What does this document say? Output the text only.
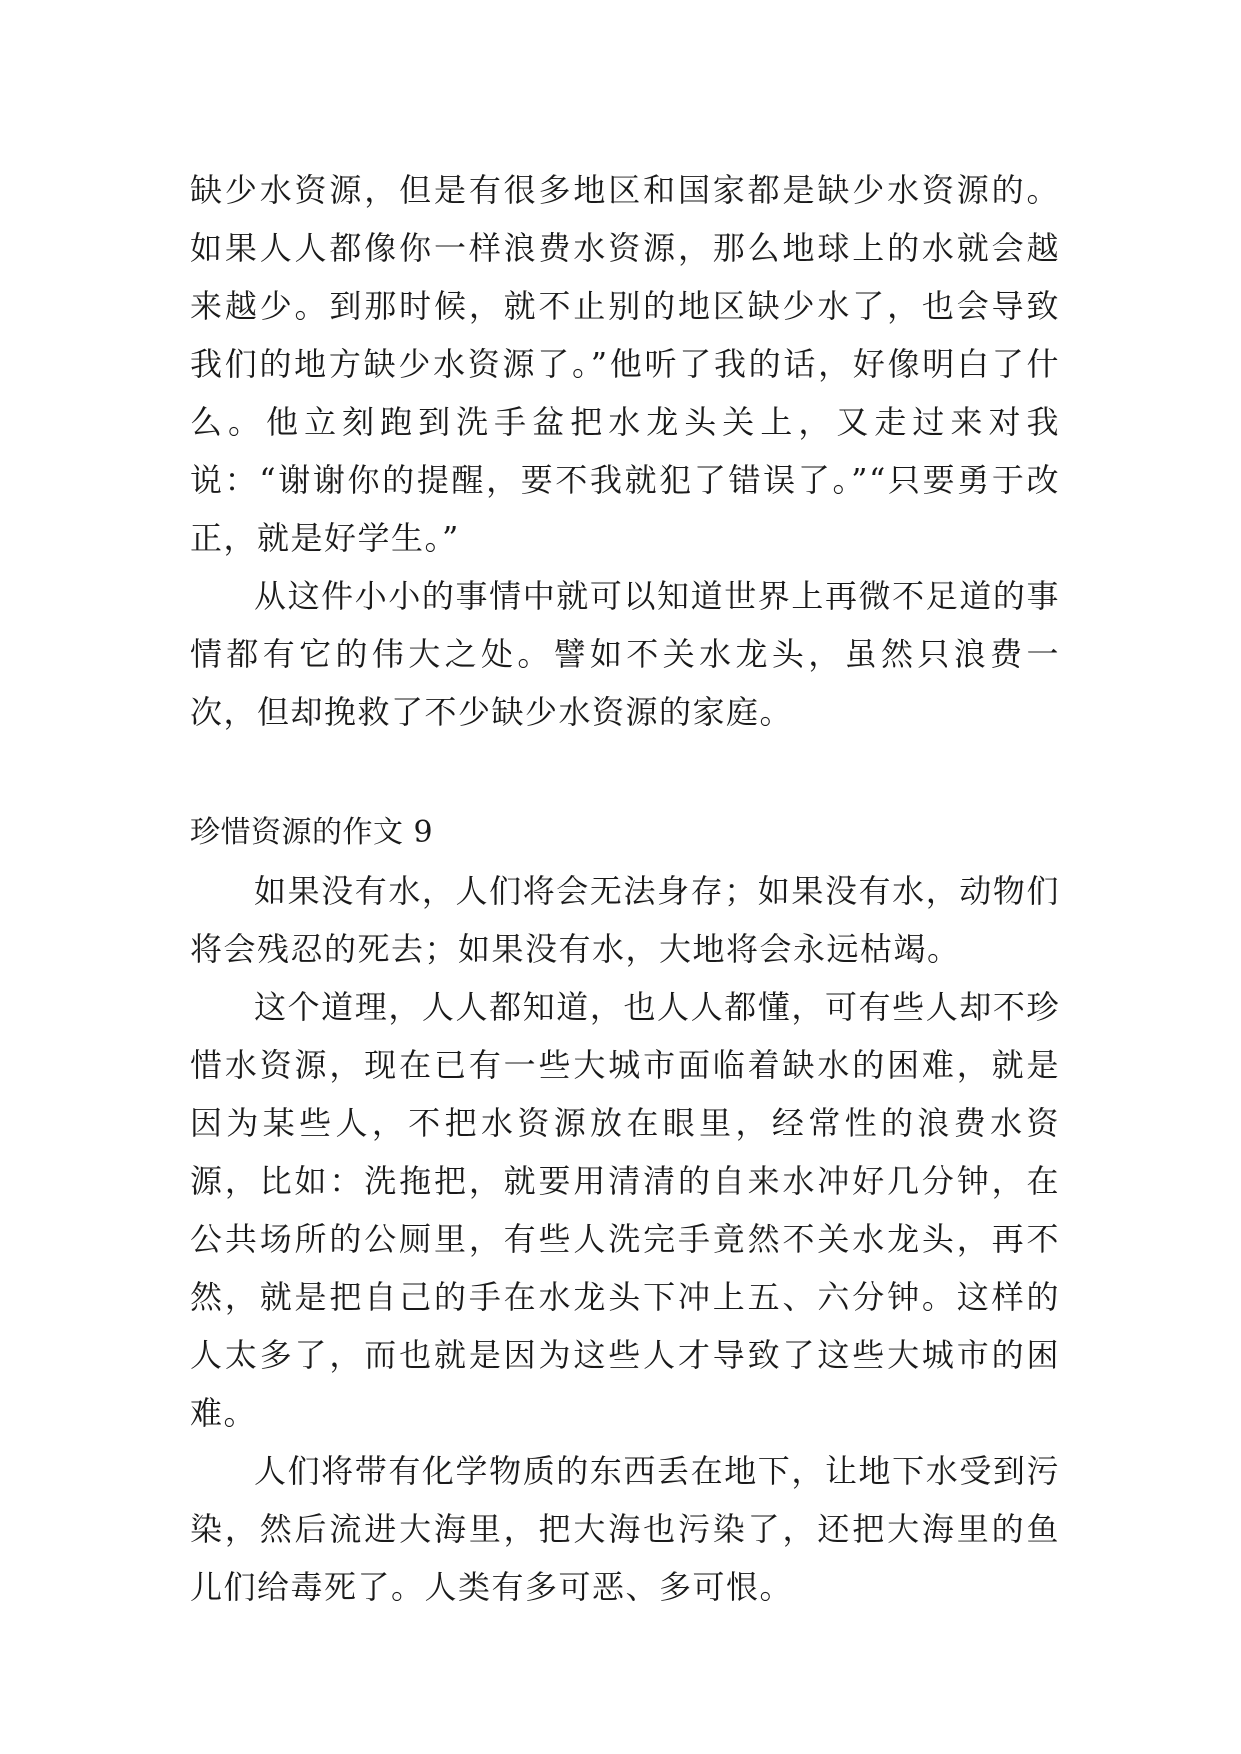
缺少水资源，但是有很多地区和国家都是缺少水资源的。如果人人都像你一样浪费水资源，那么地球上的水就会越来越少。到那时候，就不止别的地区缺少水了，也会导致我们的地方缺少水资源了。”他听了我的话，好像明白了什么。他立刻跑到洗手盆把水龙头关上，又走过来对我说：“谢谢你的提醒，要不我就犯了错误了。”“只要勇于改正，就是好学生。”

从这件小小的事情中就可以知道世界上再微不足道的事情都有它的伟大之处。譬如不关水龙头，虽然只浪费一次，但却挽救了不少缺少水资源的家庭。

珍惜资源的作文 9

如果没有水，人们将会无法身存；如果没有水，动物们将会残忍的死去；如果没有水，大地将会永远枯竭。

这个道理，人人都知道，也人人都懂，可有些人却不珍惜水资源，现在已有一些大城市面临着缺水的困难，就是因为某些人，不把水资源放在眼里，经常性的浪费水资源，比如：洗拖把，就要用清清的自来水冲好几分钟，在公共场所的公厕里，有些人洗完手竟然不关水龙头，再不然，就是把自己的手在水龙头下冲上五、六分钟。这样的人太多了，而也就是因为这些人才导致了这些大城市的困难。

人们将带有化学物质的东西丢在地下，让地下水受到污染，然后流进大海里，把大海也污染了，还把大海里的鱼儿们给毒死了。人类有多可恶、多可恨。
